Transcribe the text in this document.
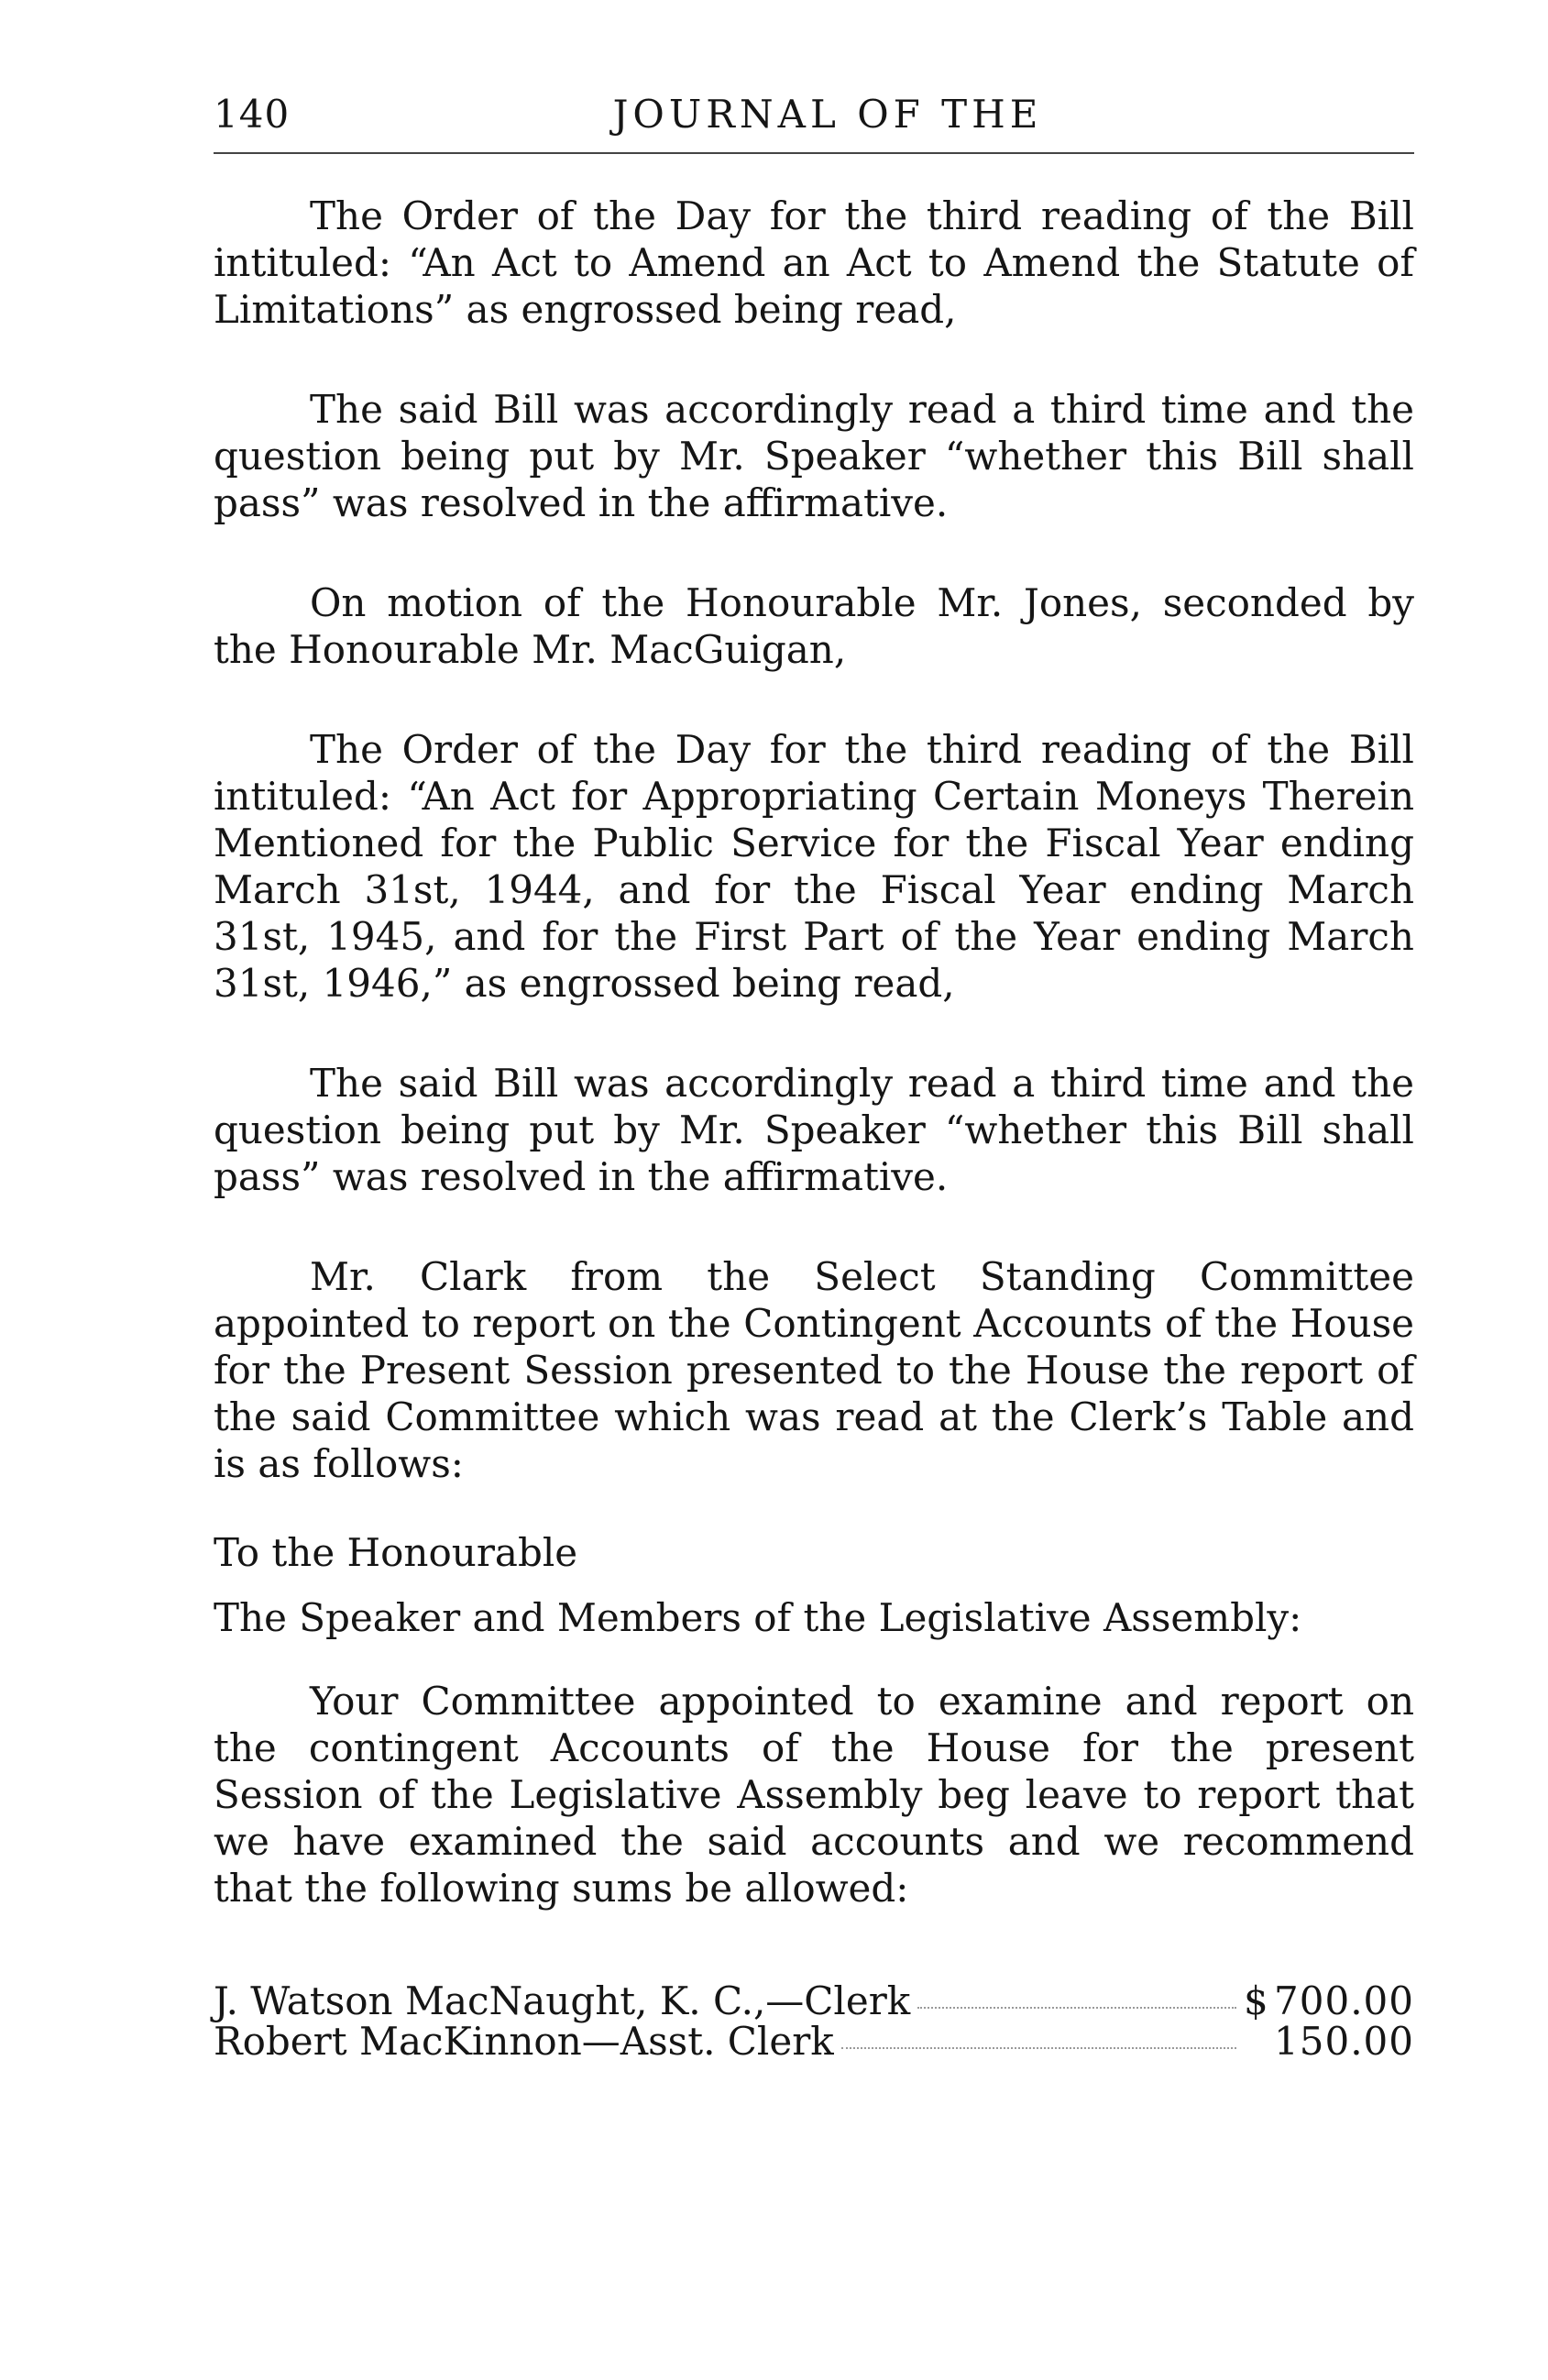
140	JOURNAL OF THE

The Order of the Day for the third reading of the Bill intituled: “An Act to Amend an Act to Amend the Statute of Limitations” as engrossed being read,

The said Bill was accordingly read a third time and the question being put by Mr. Speaker “whether this Bill shall pass” was resolved in the affirmative.

On motion of the Honourable Mr. Jones, seconded by the Honourable Mr. MacGuigan,

The Order of the Day for the third reading of the Bill intituled: “An Act for Appropriating Certain Moneys Therein Mentioned for the Public Service for the Fiscal Year ending March 31st, 1944, and for the Fiscal Year ending March 31st, 1945, and for the First Part of the Year ending March 31st, 1946,” as engrossed being read,

The said Bill was accordingly read a third time and the question being put by Mr. Speaker “whether this Bill shall pass” was resolved in the affirmative.

Mr. Clark from the Select Standing Committee appointed to report on the Contingent Accounts of the House for the Present Session presented to the House the report of the said Committee which was read at the Clerk’s Table and is as follows:

To the Honourable

The Speaker and Members of the Legislative Assembly:

Your Committee appointed to examine and report on the contingent Accounts of the House for the present Session of the Legislative Assembly beg leave to report that we have examined the said accounts and we recommend that the following sums be allowed:

J. Watson MacNaught, K. C.,—Clerk	$ 700.00
Robert MacKinnon—Asst. Clerk	150.00
